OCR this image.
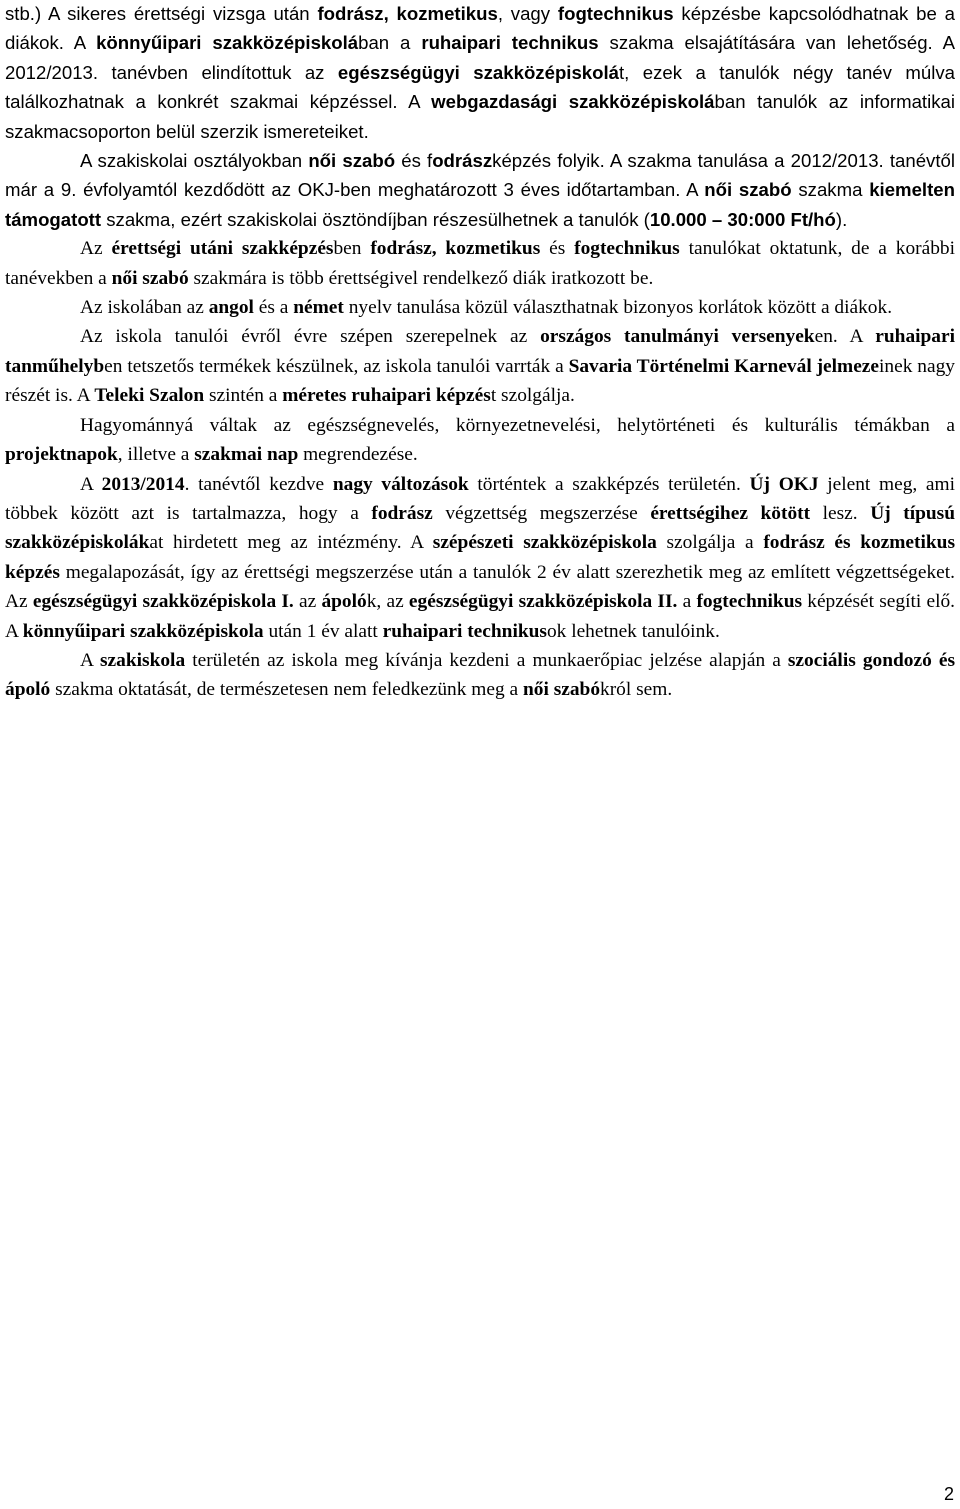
stb.) A sikeres érettségi vizsga után fodrász, kozmetikus, vagy fogtechnikus képzésbe kapcsolódhatnak be a diákok. A könnyűipari szakközépiskolában a ruhaipari technikus szakma elsajátítására van lehetőség. A 2012/2013. tanévben elindítottuk az egészségügyi szakközépiskolát, ezek a tanulók négy tanév múlva találkozhatnak a konkrét szakmai képzéssel. A webgazdasági szakközépiskolában tanulók az informatikai szakmacsoporton belül szerzik ismereteiket.

A szakiskolai osztályokban női szabó és fodrászképzés folyik. A szakma tanulása a 2012/2013. tanévtől már a 9. évfolyamtól kezdődött az OKJ-ben meghatározott 3 éves időtartamban. A női szabó szakma kiemelten támogatott szakma, ezért szakiskolai ösztöndíjban részesülhetnek a tanulók (10.000 – 30:000 Ft/hó).

Az érettségi utáni szakképzésben fodrász, kozmetikus és fogtechnikus tanulókat oktatunk, de a korábbi tanévekben a női szabó szakmára is több érettségivel rendelkező diák iratkozott be.

Az iskolában az angol és a német nyelv tanulása közül választhatnak bizonyos korlátok között a diákok.

Az iskola tanulói évről évre szépen szerepelnek az országos tanulmányi versenyeken. A ruhaipari tanműhelyben tetszetős termékek készülnek, az iskola tanulói varrták a Savaria Történelmi Karnevál jelmezeinek nagy részét is. A Teleki Szalon szintén a méretes ruhaipari képzést szolgálja.

Hagyománnyá váltak az egészségnevelés, környezetnevelési, helytörténeti és kulturális témákban a projektnapok, illetve a szakmai nap megrendezése.

A 2013/2014. tanévtől kezdve nagy változások történtek a szakképzés területén. Új OKJ jelent meg, ami többek között azt is tartalmazza, hogy a fodrász végzettség megszerzése érettségihez kötött lesz. Új típusú szakközépiskolákat hirdetett meg az intézmény. A szépészeti szakközépiskola szolgálja a fodrász és kozmetikus képzés megalapozását, így az érettségi megszerzése után a tanulók 2 év alatt szerezhetik meg az említett végzettségeket. Az egészségügyi szakközépiskola I. az ápolók, az egészségügyi szakközépiskola II. a fogtechnikus képzését segíti elő. A könnyűipari szakközépiskola után 1 év alatt ruhaipari technikusok lehetnek tanulóink.

A szakiskola területén az iskola meg kívánja kezdeni a munkaerőpiac jelzése alapján a szociális gondozó és ápoló szakma oktatását, de természetesen nem feledkezünk meg a női szabókról sem.

2
